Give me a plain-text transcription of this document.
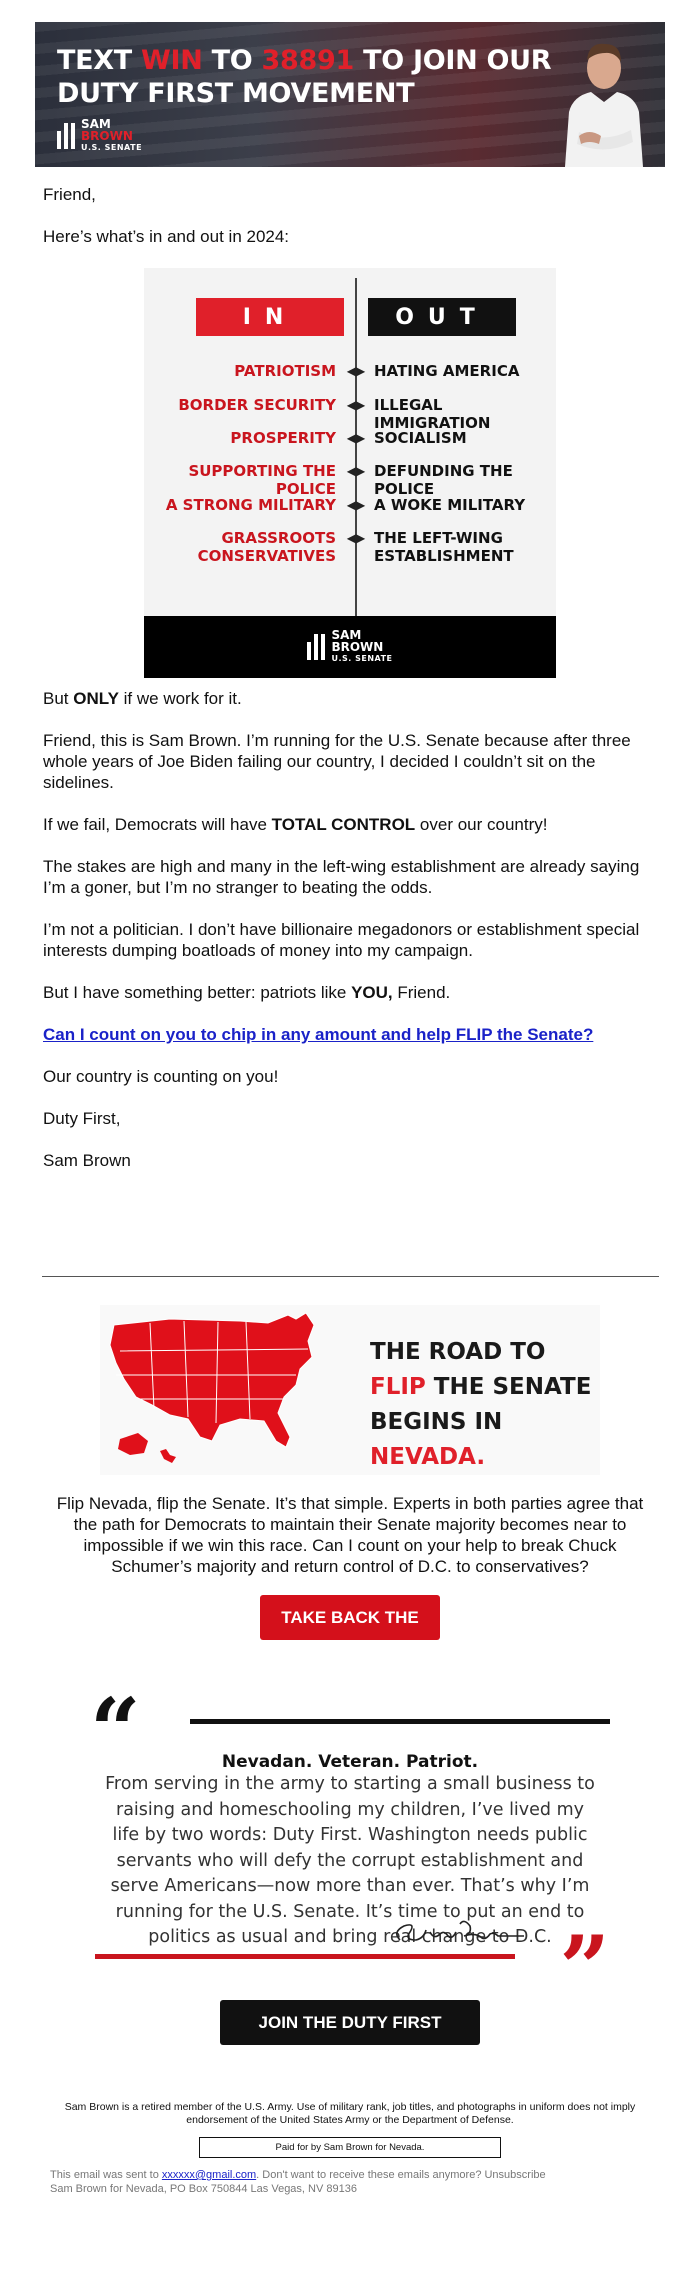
TEXT WIN TO 38891 TO JOIN OUR
DUTY FIRST MOVEMENT
SAM
BROWN
U.S. SENATE

Friend,

Here’s what’s in and out in 2024:

IN	OUT
PATRIOTISM ◀▶ HATING AMERICA
BORDER SECURITY ◀▶ ILLEGAL IMMIGRATION
PROSPERITY ◀▶ SOCIALISM
SUPPORTING THE POLICE
◀▶ DEFUNDING THE POLICE
A STRONG MILITARY ◀▶ A WOKE MILITARY
GRASSROOTS
CONSERVATIVES
◀▶ THE LEFT-WING
ESTABLISHMENT
SAM
BROWN
U.S. SENATE

But ONLY if we work for it.

Friend, this is Sam Brown. I’m running for the U.S. Senate because after three whole years of Joe Biden failing our country, I decided I couldn’t sit on the sidelines.

If we fail, Democrats will have TOTAL CONTROL over our country!

The stakes are high and many in the left-wing establishment are already saying I’m a goner, but I’m no stranger to beating the odds.

I’m not a politician. I don’t have billionaire megadonors or establishment special interests dumping boatloads of money into my campaign.

But I have something better: patriots like YOU, Friend.

Can I count on you to chip in any amount and help FLIP the Senate?

Our country is counting on you!

Duty First,

Sam Brown

THE ROAD TO
FLIP THE SENATE
BEGINS IN NEVADA.

Flip Nevada, flip the Senate. It’s that simple. Experts in both parties agree that the path for Democrats to maintain their Senate majority becomes near to impossible if we win this race. Can I count on your help to break Chuck Schumer’s majority and return control of D.C. to conservatives?

TAKE BACK THE SENATE
“	Nevadan. Veteran. Patriot.
From serving in the army to starting a small business to raising and homeschooling my children, I’ve lived my life by two words: Duty First. Washington needs public servants who will defy the corrupt establishment and serve Americans—now more than ever. That’s why I’m running for the U.S. Senate. It’s time to put an end to politics as usual and bring real change to D.C. ”
JOIN THE DUTY FIRST MOVEMENT

Sam Brown is a retired member of the U.S. Army. Use of military rank, job titles, and photographs in uniform does not imply endorsement of the United States Army or the Department of Defense.

Paid for by Sam Brown for Nevada.
This email was sent to xxxxxx@gmail.com. Don't want to receive these emails anymore? Unsubscribe
Sam Brown for Nevada, PO Box 750844 Las Vegas, NV 89136
